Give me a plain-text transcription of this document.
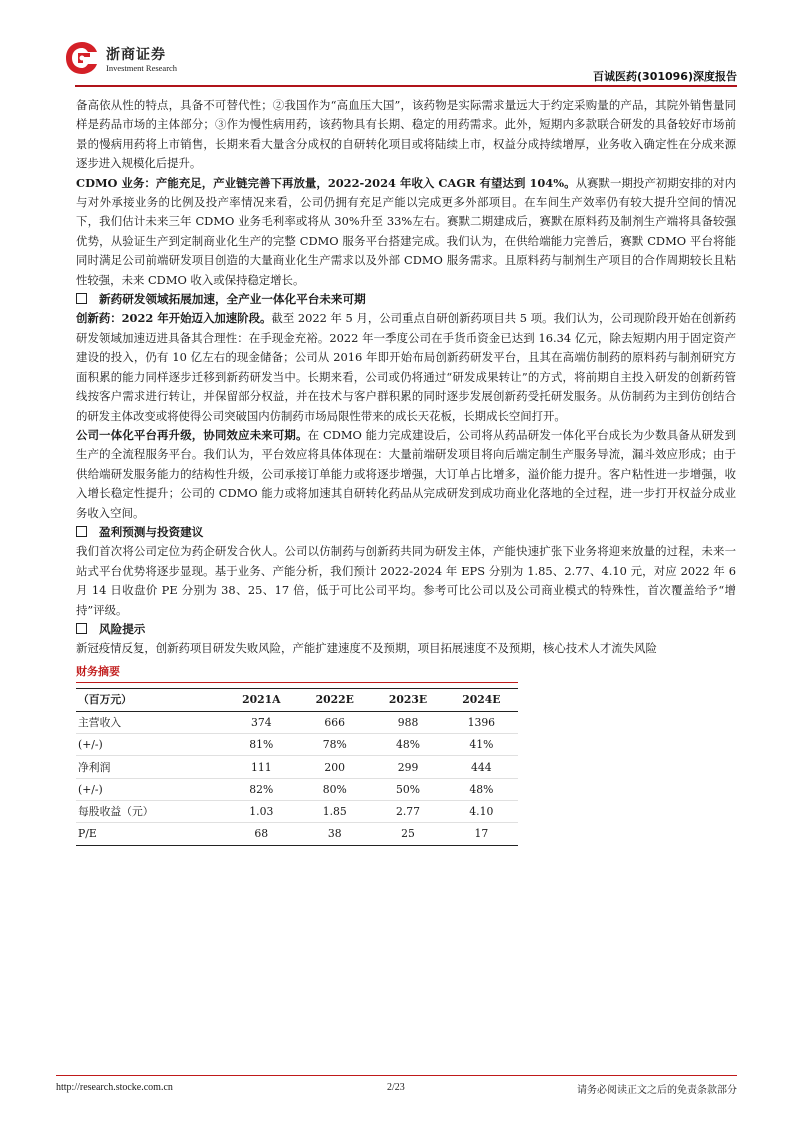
浙商证券
Investment Research
百诚医药(301096)深度报告

备高依从性的特点，具备不可替代性；②我国作为“高血压大国”，该药物是实际需求量远大于约定采购量的产品，其院外销售量同样是药品市场的主体部分；③作为慢性病用药，该药物具有长期、稳定的用药需求。此外，短期内多款联合研发的具备较好市场前景的慢病用药将上市销售，长期来看大量含分成权的自研转化项目或将陆续上市，权益分成持续增厚，业务收入确定性在分成来源逐步进入规模化后提升。

CDMO 业务：产能充足，产业链完善下再放量，2022-2024 年收入 CAGR 有望达到 104%。从赛默一期投产初期安排的对内与对外承接业务的比例及投产率情况来看，公司仍拥有充足产能以完成更多外部项目。在车间生产效率仍有较大提升空间的情况下，我们估计未来三年 CDMO 业务毛利率或将从 30%升至 33%左右。赛默二期建成后，赛默在原料药及制剂生产端将具备较强优势，从验证生产到定制商业化生产的完整 CDMO 服务平台搭建完成。我们认为，在供给端能力完善后，赛默 CDMO 平台将能同时满足公司前端研发项目创造的大量商业化生产需求以及外部 CDMO 服务需求。且原料药与制剂生产项目的合作周期较长且粘性较强，未来 CDMO 收入或保持稳定增长。

新药研发领域拓展加速，全产业一体化平台未来可期

创新药：2022 年开始迈入加速阶段。截至 2022 年 5 月，公司重点自研创新药项目共 5 项。我们认为，公司现阶段开始在创新药研发领域加速迈进具备其合理性：在手现金充裕。2022 年一季度公司在手货币资金已达到 16.34 亿元，除去短期内用于固定资产建设的投入，仍有 10 亿左右的现金储备；公司从 2016 年即开始布局创新药研发平台，且其在高端仿制药的原料药与制剂研究方面积累的能力同样逐步迁移到新药研发当中。长期来看，公司或仍将通过“研发成果转让”的方式，将前期自主投入研发的创新药管线按客户需求进行转让，并保留部分权益，并在技术与客户群积累的同时逐步发展创新药受托研发服务。从仿制药为主到仿创结合的研发主体改变或将使得公司突破国内仿制药市场局限性带来的成长天花板，长期成长空间打开。

公司一体化平台再升级，协同效应未来可期。在 CDMO 能力完成建设后，公司将从药品研发一体化平台成长为少数具备从研发到生产的全流程服务平台。我们认为，平台效应将具体体现在：大量前端研发项目将向后端定制生产服务导流，漏斗效应形成；由于供给端研发服务能力的结构性升级，公司承接订单能力或将逐步增强，大订单占比增多，溢价能力提升。客户粘性进一步增强，收入增长稳定性提升；公司的 CDMO 能力或将加速其自研转化药品从完成研发到成功商业化落地的全过程，进一步打开权益分成业务收入空间。

盈利预测与投资建议

我们首次将公司定位为药企研发合伙人。公司以仿制药与创新药共同为研发主体，产能快速扩张下业务将迎来放量的过程，未来一站式平台优势将逐步显现。基于业务、产能分析，我们预计 2022-2024 年 EPS 分别为 1.85、2.77、4.10 元，对应 2022 年 6 月 14 日收盘价 PE 分别为 38、25、17 倍，低于可比公司平均。参考可比公司以及公司商业模式的特殊性，首次覆盖给予“增持”评级。

风险提示

新冠疫情反复，创新药项目研发失败风险，产能扩建速度不及预期，项目拓展速度不及预期，核心技术人才流失风险

财务摘要
（百万元）	2021A	2022E	2023E	2024E
主营收入	374	666	988	1396
(+/-)	81%	78%	48%	41%
净利润	111	200	299	444
(+/-)	82%	80%	50%	48%
每股收益（元）	1.03	1.85	2.77	4.10
P/E	68	38	25	17
http://research.stocke.com.cn	2/23	请务必阅读正文之后的免责条款部分
